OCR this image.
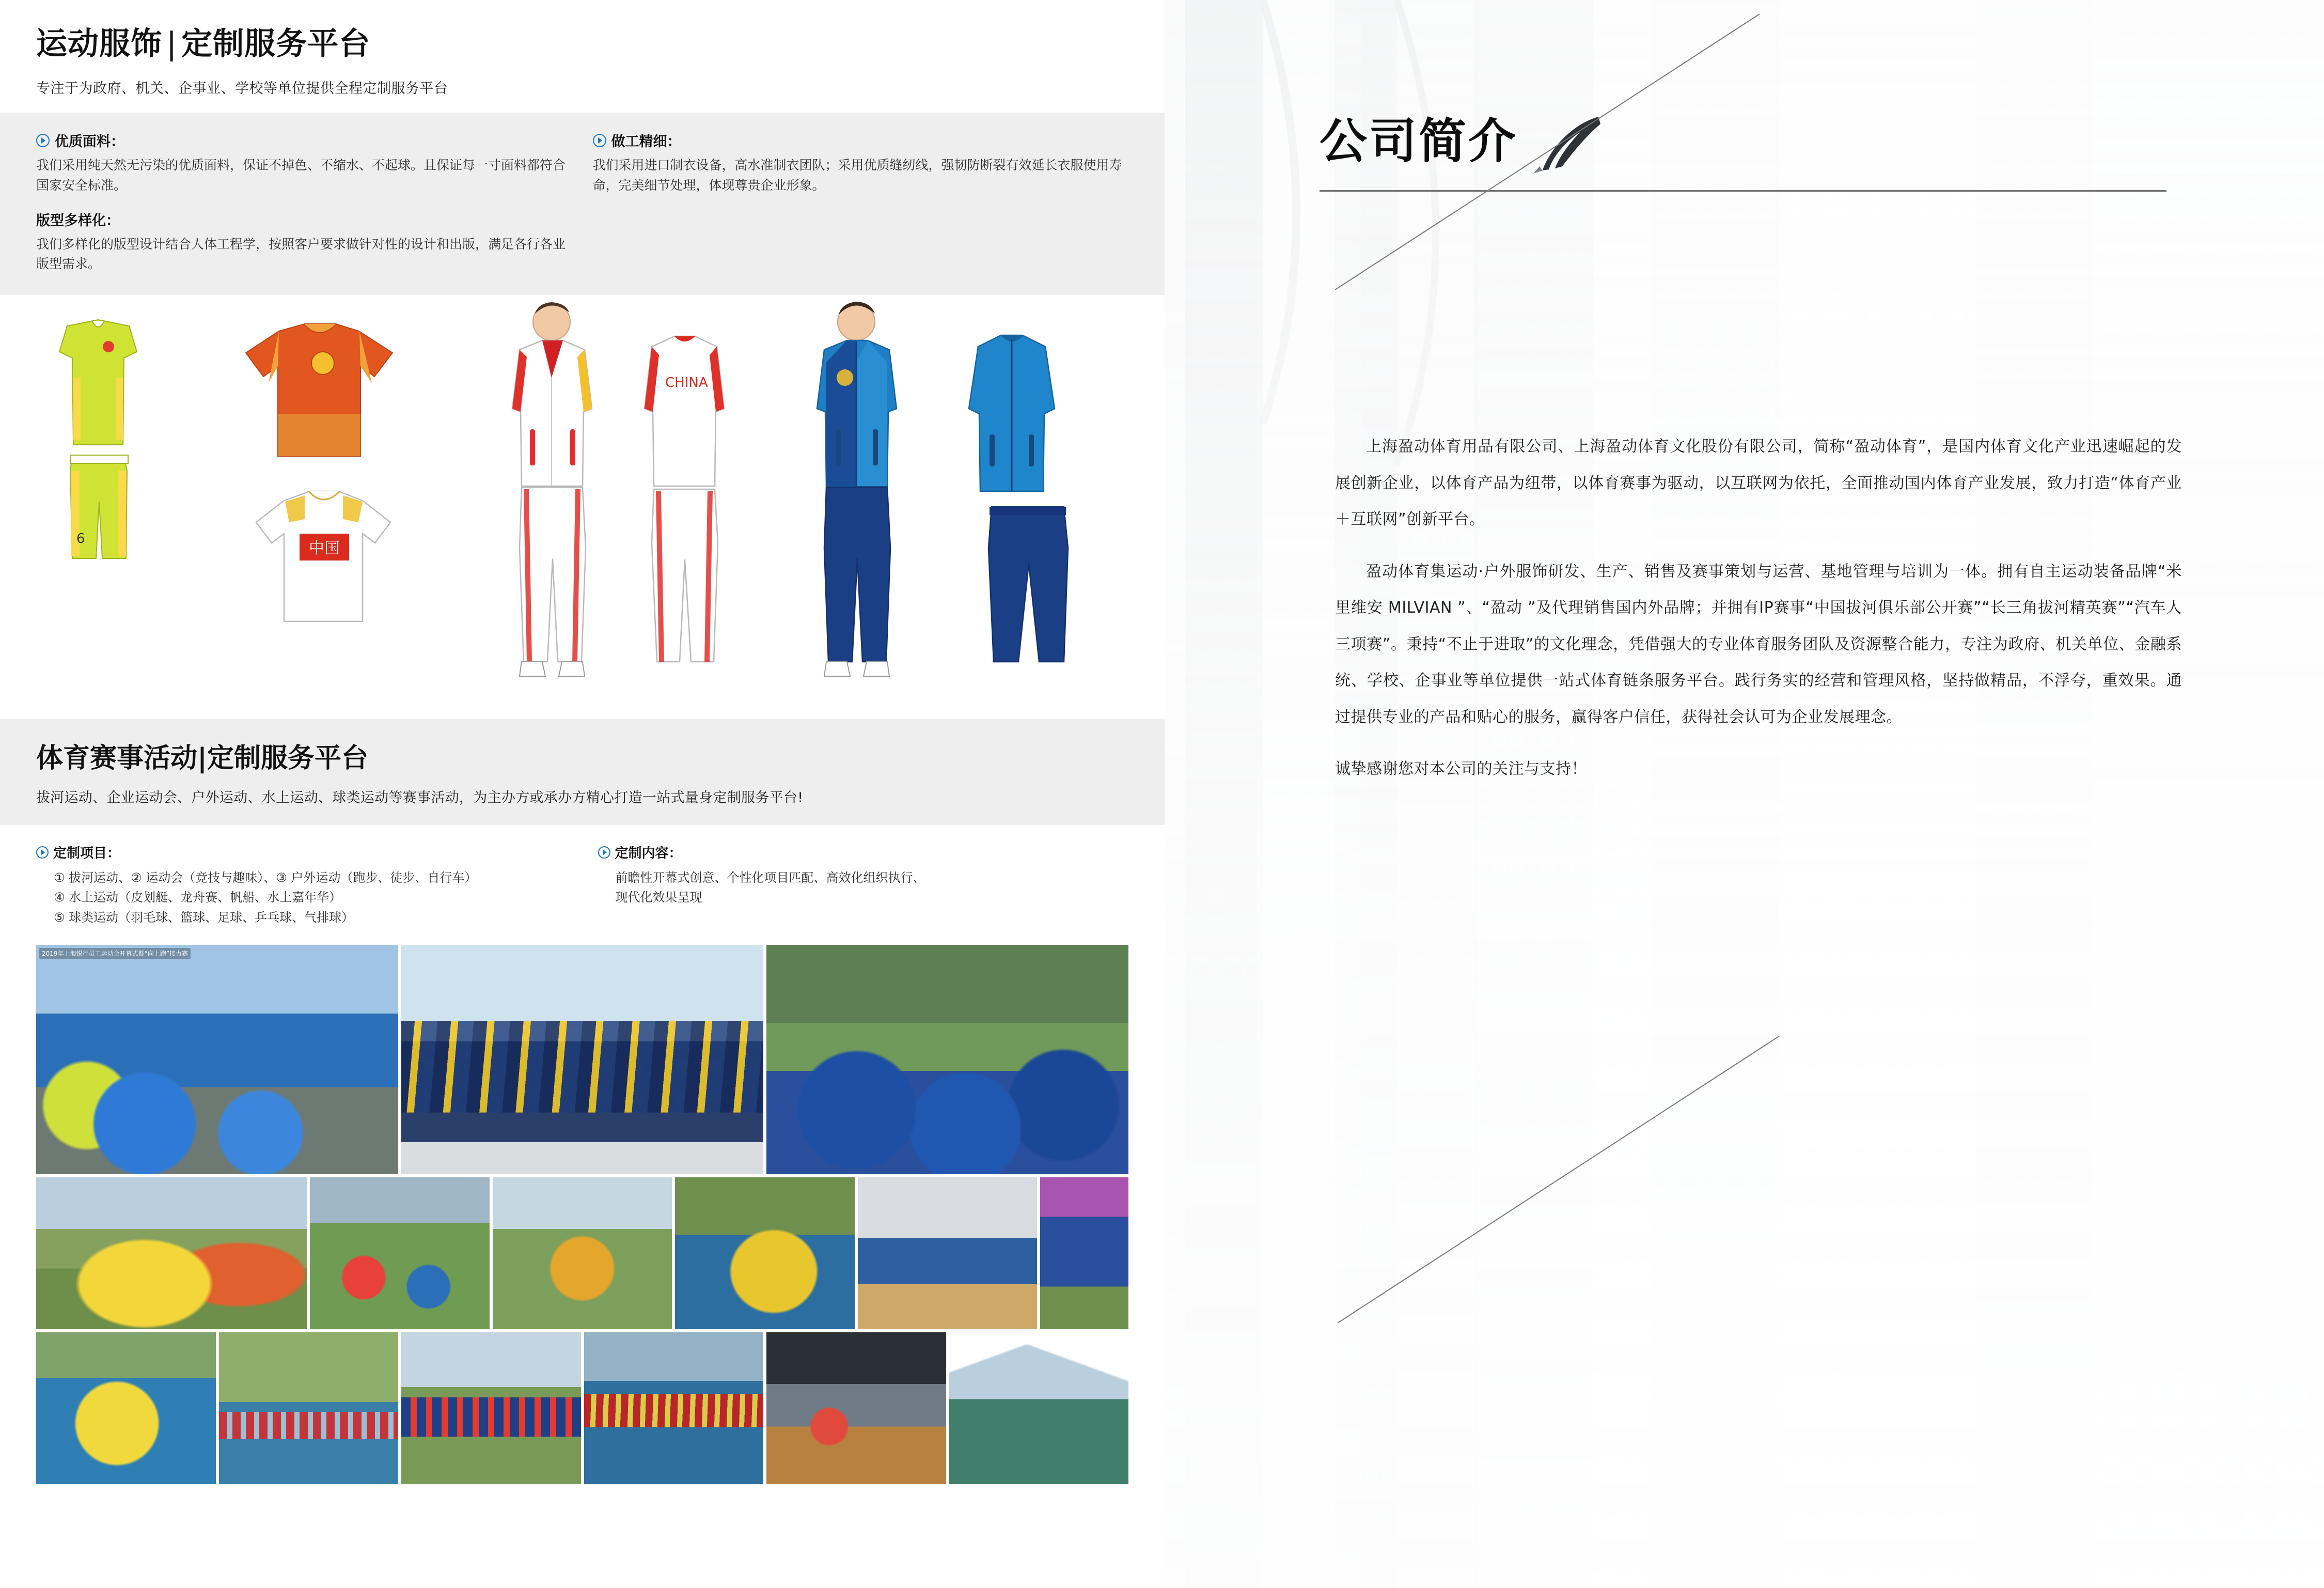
运动服饰 | 定制服务平台
专注于为政府、机关、企事业、学校等单位提供全程定制服务平台
优质面料：
我们采用纯天然无污染的优质面料，保证不掉色、不缩水、不起球。且保证每一寸面料都符合国家安全标准。
版型多样化：
我们多样化的版型设计结合人体工程学，按照客户要求做针对性的设计和出版，满足各行各业版型需求。
做工精细：
我们采用进口制衣设备，高水准制衣团队；采用优质缝纫线，强韧防断裂有效延长衣服使用寿命，完美细节处理，体现尊贵企业形象。
6
中国
CHINA
体育赛事活动|定制服务平台
拔河运动、企业运动会、户外运动、水上运动、球类运动等赛事活动，为主办方或承办方精心打造一站式量身定制服务平台!
定制项目：
① 拔河运动、② 运动会（竞技与趣味）、③ 户外运动（跑步、徒步、自行车）
④ 水上运动（皮划艇、龙舟赛、帆船、水上嘉年华）
⑤ 球类运动（羽毛球、篮球、足球、乒乓球、气排球）
定制内容：
前瞻性开幕式创意、个性化项目匹配、高效化组织执行、
现代化效果呈现
2019年上海银行员工运动会开幕式暨“向上跑”接力赛
公司简介

上海盈动体育用品有限公司、上海盈动体育文化股份有限公司，简称“盈动体育”，是国内体育文化产业迅速崛起的发展创新企业，以体育产品为纽带，以体育赛事为驱动，以互联网为依托，全面推动国内体育产业发展，致力打造“体育产业＋互联网”创新平台。

盈动体育集运动·户外服饰研发、生产、销售及赛事策划与运营、基地管理与培训为一体。拥有自主运动装备品牌“米里维安 MILVIAN ”、“盈动 ”及代理销售国内外品牌；并拥有IP赛事“中国拔河俱乐部公开赛”“长三角拔河精英赛”“汽车人三项赛”。秉持“不止于进取”的文化理念，凭借强大的专业体育服务团队及资源整合能力，专注为政府、机关单位、金融系统、学校、企事业等单位提供一站式体育链条服务平台。践行务实的经营和管理风格，坚持做精品，不浮夸，重效果。通过提供专业的产品和贴心的服务，赢得客户信任，获得社会认可为企业发展理念。

诚挚感谢您对本公司的关注与支持！
